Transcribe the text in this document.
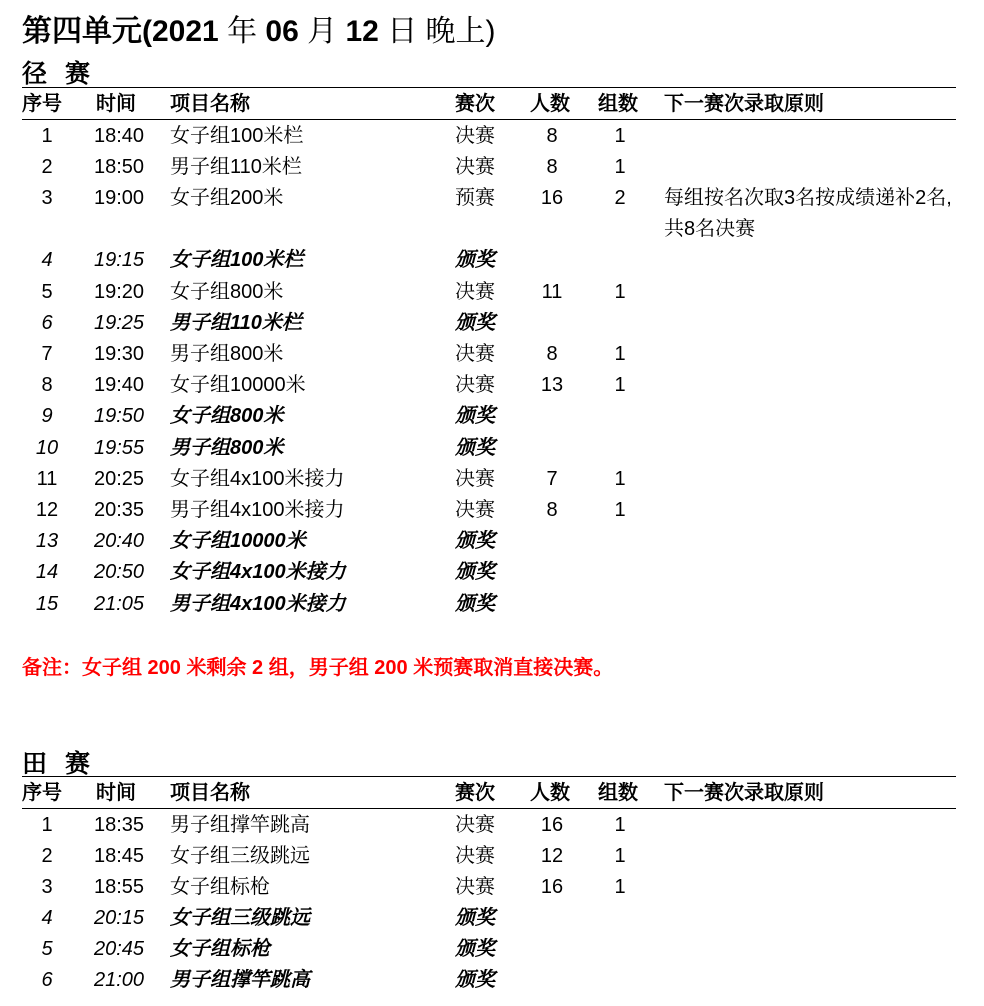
第四单元(2021 年 06 月 12 日 晚上)
径赛
序号 时间 项目名称	赛次 人数 组数 下一赛次录取原则
1	18:40 女子组100米栏	决赛	8	1
2	18:50 男子组110米栏	决赛	8	1
3	19:00 女子组200米	预赛	16	2	每组按名次取3名按成绩递补2名,共8名决赛
4	19:15 女子组100米栏	颁奖
5	19:20 女子组800米	决赛	11	1
6	19:25 男子组110米栏	颁奖
7	19:30 男子组800米	决赛	8	1
8	19:40 女子组10000米	决赛	13	1
9	19:50 女子组800米	颁奖
10	19:55 男子组800米	颁奖
11	20:25 女子组4x100米接力	决赛	7	1
12	20:35 男子组4x100米接力	决赛	8	1
13	20:40 女子组10000米	颁奖
14	20:50 女子组4x100米接力	颁奖
15	21:05 男子组4x100米接力	颁奖
备注：女子组 200 米剩余 2 组，男子组 200 米预赛取消直接决赛。
田赛
序号 时间 项目名称	赛次 人数 组数 下一赛次录取原则
1	18:35 男子组撑竿跳高	决赛	16	1
2	18:45 女子组三级跳远	决赛	12	1
3	18:55 女子组标枪	决赛	16	1
4	20:15 女子组三级跳远	颁奖
5	20:45 女子组标枪	颁奖
6	21:00 男子组撑竿跳高	颁奖
